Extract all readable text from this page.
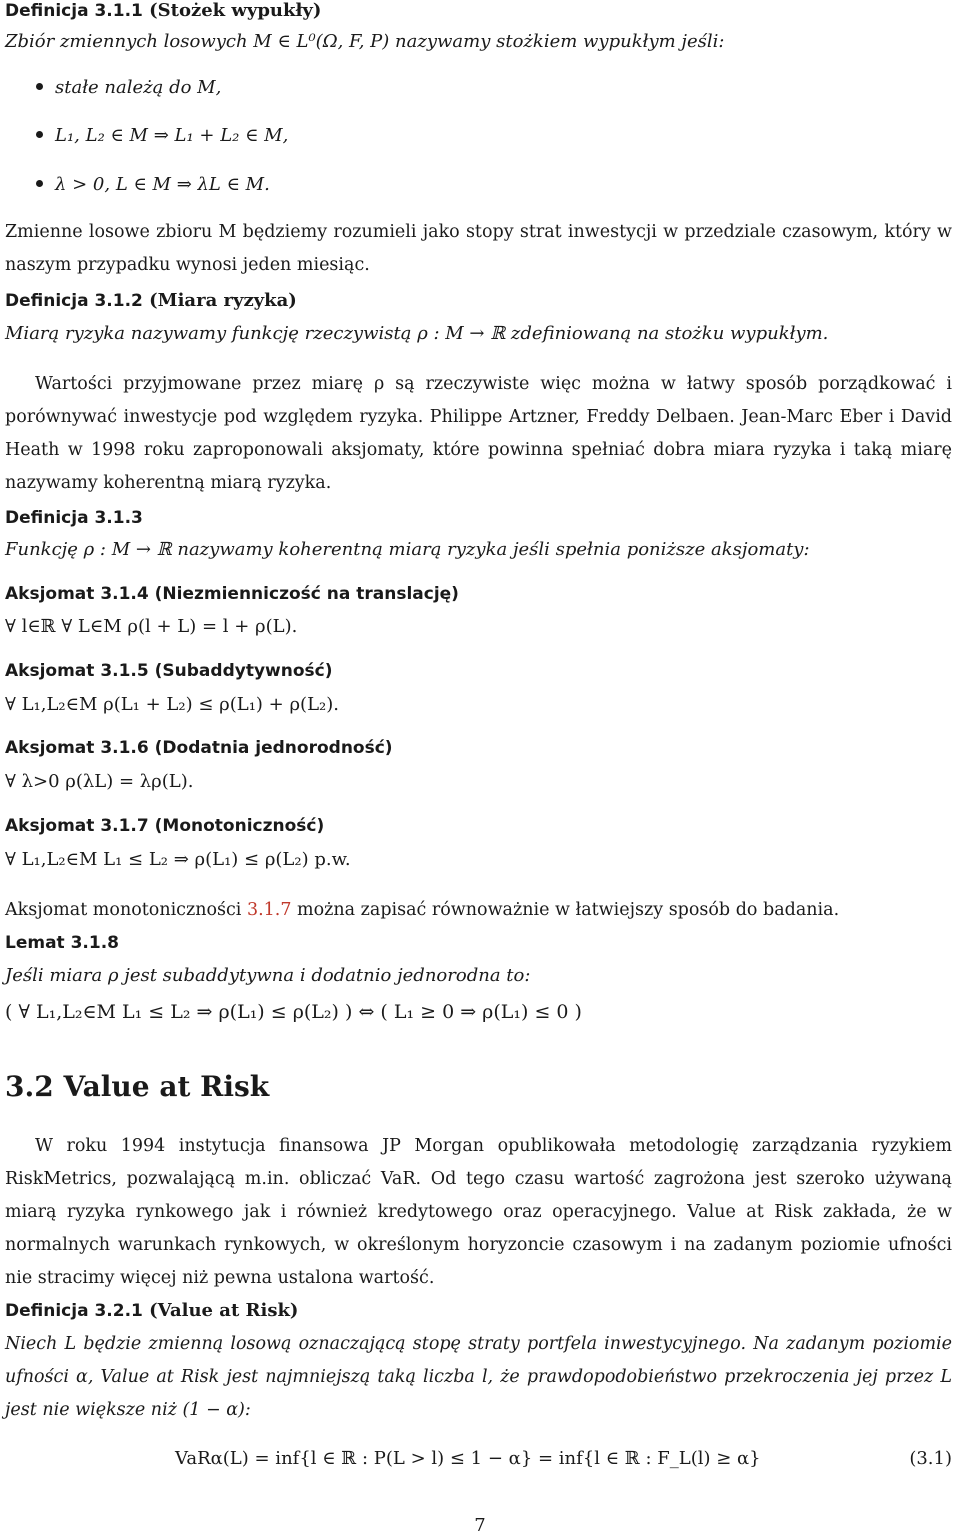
Definicja 3.1.1 (Stożek wypukły)
Zbiór zmiennych losowych M ∈ L⁰(Ω, F, P) nazywamy stożkiem wypukłym jeśli:
stałe należą do M,
L₁, L₂ ∈ M ⇒ L₁ + L₂ ∈ M,
λ > 0, L ∈ M ⇒ λL ∈ M.

Zmienne losowe zbioru M będziemy rozumieli jako stopy strat inwestycji w przedziale czasowym, który w naszym przypadku wynosi jeden miesiąc.

Definicja 3.1.2 (Miara ryzyka)
Miarą ryzyka nazywamy funkcję rzeczywistą ρ : M → ℝ zdefiniowaną na stożku wypukłym.

Wartości przyjmowane przez miarę ρ są rzeczywiste więc można w łatwy sposób porządkować i porównywać inwestycje pod względem ryzyka. Philippe Artzner, Freddy Delbaen. Jean-Marc Eber i David Heath w 1998 roku zaproponowali aksjomaty, które powinna spełniać dobra miara ryzyka i taką miarę nazywamy koherentną miarą ryzyka.

Definicja 3.1.3
Funkcję ρ : M → ℝ nazywamy koherentną miarą ryzyka jeśli spełnia poniższe aksjomaty:
Aksjomat 3.1.4 (Niezmienniczość na translację)
∀ l∈ℝ ∀ L∈M ρ(l + L) = l + ρ(L).
Aksjomat 3.1.5 (Subaddytywność)
∀ L₁,L₂∈M ρ(L₁ + L₂) ≤ ρ(L₁) + ρ(L₂).
Aksjomat 3.1.6 (Dodatnia jednorodność)
∀ λ>0 ρ(λL) = λρ(L).
Aksjomat 3.1.7 (Monotoniczność)
∀ L₁,L₂∈M L₁ ≤ L₂ ⇒ ρ(L₁) ≤ ρ(L₂) p.w.
Aksjomat monotoniczności 3.1.7 można zapisać równoważnie w łatwiejszy sposób do badania.
Lemat 3.1.8
Jeśli miara ρ jest subaddytywna i dodatnio jednorodna to:
( ∀ L₁,L₂∈M L₁ ≤ L₂ ⇒ ρ(L₁) ≤ ρ(L₂) ) ⇔ ( L₁ ≥ 0 ⇒ ρ(L₁) ≤ 0 )
3.2 Value at Risk

W roku 1994 instytucja finansowa JP Morgan opublikowała metodologię zarządzania ryzykiem RiskMetrics, pozwalającą m.in. obliczać VaR. Od tego czasu wartość zagrożona jest szeroko używaną miarą ryzyka rynkowego jak i również kredytowego oraz operacyjnego. Value at Risk zakłada, że w normalnych warunkach rynkowych, w określonym horyzoncie czasowym i na zadanym poziomie ufności nie stracimy więcej niż pewna ustalona wartość.

Definicja 3.2.1 (Value at Risk)

Niech L będzie zmienną losową oznaczającą stopę straty portfela inwestycyjnego. Na zadanym poziomie ufności α, Value at Risk jest najmniejszą taką liczba l, że prawdopodobieństwo przekroczenia jej przez L jest nie większe niż (1 − α):

VaRα(L) = inf{l ∈ ℝ : P(L > l) ≤ 1 − α} = inf{l ∈ ℝ : F_L(l) ≥ α}	(3.1)
7
